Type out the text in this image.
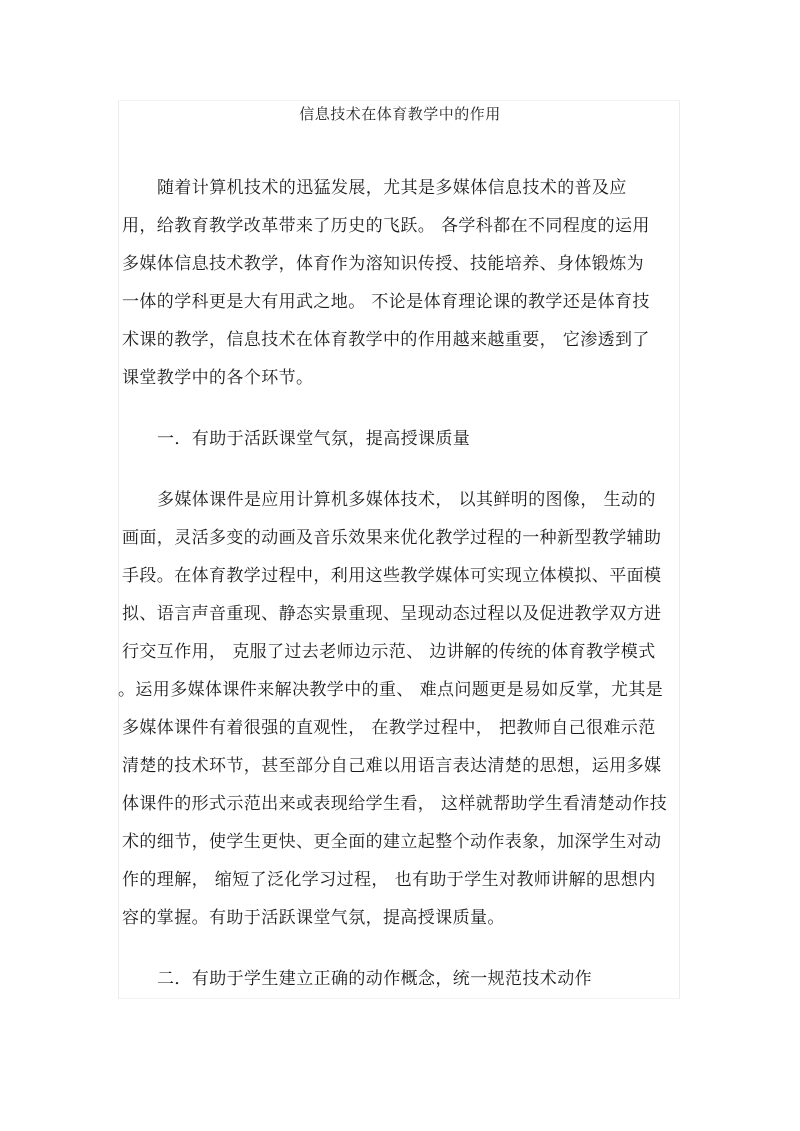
信息技术在体育教学中的作用
随着计算机技术的迅猛发展，尤其是多媒体信息技术的普及应
用，给教育教学改革带来了历史的飞跃。 各学科都在不同程度的运用
多媒体信息技术教学，体育作为溶知识传授、技能培养、身体锻炼为
一体的学科更是大有用武之地。 不论是体育理论课的教学还是体育技
术课的教学，信息技术在体育教学中的作用越来越重要， 它渗透到了
课堂教学中的各个环节。
一．有助于活跃课堂气氛，提高授课质量
多媒体课件是应用计算机多媒体技术， 以其鲜明的图像， 生动的
画面，灵活多变的动画及音乐效果来优化教学过程的一种新型教学辅助
手段。在体育教学过程中，利用这些教学媒体可实现立体模拟、平面模
拟、语言声音重现、静态实景重现、呈现动态过程以及促进教学双方进
行交互作用， 克服了过去老师边示范、 边讲解的传统的体育教学模式
。运用多媒体课件来解决教学中的重、 难点问题更是易如反掌，尤其是
多媒体课件有着很强的直观性， 在教学过程中， 把教师自己很难示范
清楚的技术环节，甚至部分自己难以用语言表达清楚的思想，运用多媒
体课件的形式示范出来或表现给学生看， 这样就帮助学生看清楚动作技
术的细节，使学生更快、更全面的建立起整个动作表象，加深学生对动
作的理解， 缩短了泛化学习过程， 也有助于学生对教师讲解的思想内
容的掌握。有助于活跃课堂气氛，提高授课质量。
二．有助于学生建立正确的动作概念，统一规范技术动作
